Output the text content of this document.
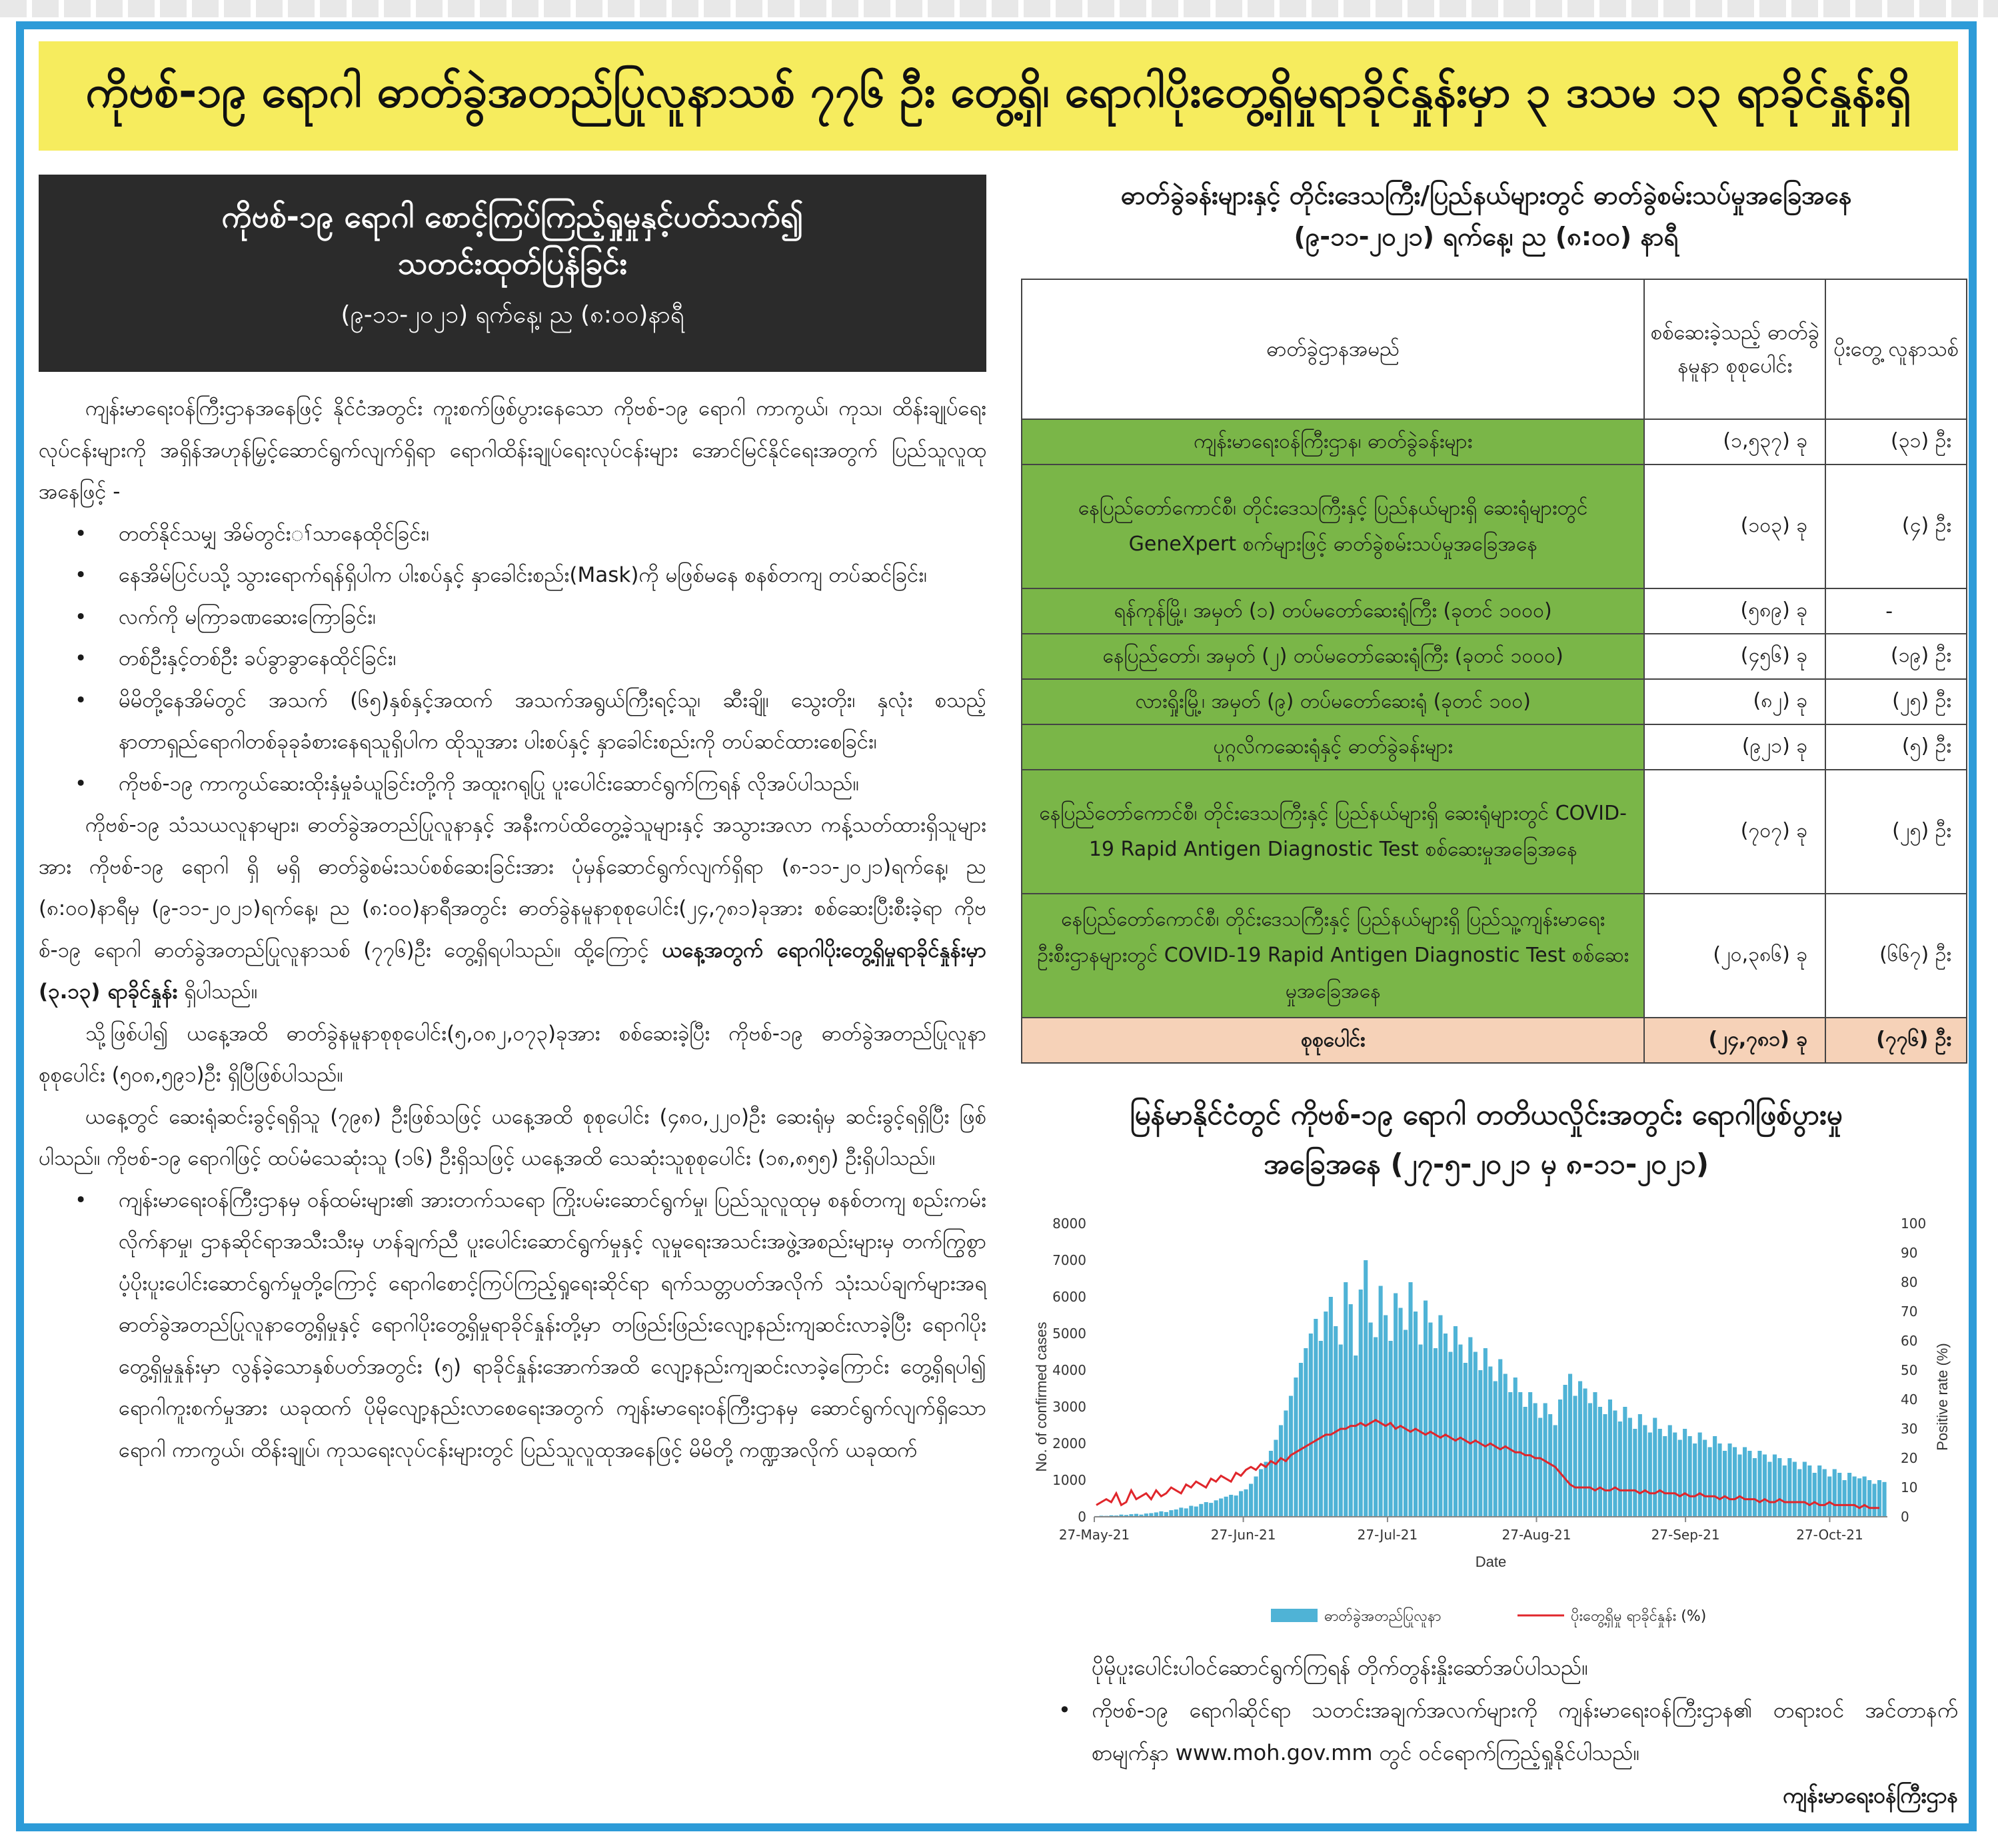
ကိုဗစ်-၁၉ ရောဂါ ဓာတ်ခွဲအတည်ပြုလူနာသစ် ၇၇၆ ဦး တွေ့ရှိ၊ ရောဂါပိုးတွေ့ရှိမှုရာခိုင်နှုန်းမှာ ၃ ဒသမ ၁၃ ရာခိုင်နှုန်းရှိ
ကိုဗစ်-၁၉ ရောဂါ စောင့်ကြပ်ကြည့်ရှုမှုနှင့်ပတ်သက်၍
သတင်းထုတ်ပြန်ခြင်း
(၉-၁၁-၂၀၂၁) ရက်နေ့၊ ည (၈:၀၀)နာရီ

ကျန်းမာရေးဝန်ကြီးဌာနအနေဖြင့် နိုင်ငံအတွင်း ကူးစက်ဖြစ်ပွားနေသော ကိုဗစ်-၁၉ ရောဂါ ကာကွယ်၊ ကုသ၊ ထိန်းချုပ်ရေးလုပ်ငန်းများကို အရှိန်အဟုန်မြှင့်ဆောင်ရွက်လျက်ရှိရာ ရောဂါထိန်းချုပ်ရေးလုပ်ငန်းများ အောင်မြင်နိုင်ရေးအတွက် ပြည်သူလူထုအနေဖြင့် -

• တတ်နိုင်သမျှ အိမ်တွင်းၢ်သာနေထိုင်ခြင်း၊
• နေအိမ်ပြင်ပသို့ သွားရောက်ရန်ရှိပါက ပါးစပ်နှင့် နှာခေါင်းစည်း(Mask)ကို မဖြစ်မနေ စနစ်တကျ တပ်ဆင်ခြင်း၊
• လက်ကို မကြာခဏဆေးကြောခြင်း၊
• တစ်ဦးနှင့်တစ်ဦး ခပ်ခွာခွာနေထိုင်ခြင်း၊
• မိမိတို့နေအိမ်တွင် အသက် (၆၅)နှစ်နှင့်အထက် အသက်အရွယ်ကြီးရင့်သူ၊ ဆီးချို၊ သွေးတိုး၊ နှလုံး စသည့် နာတာရှည်ရောဂါတစ်ခုခုခံစားနေရသူရှိပါက ထိုသူအား ပါးစပ်နှင့် နှာခေါင်းစည်းကို တပ်ဆင်ထားစေခြင်း၊
• ကိုဗစ်-၁၉ ကာကွယ်ဆေးထိုးနှံမှုခံယူခြင်းတို့ကို အထူးဂရုပြု ပူးပေါင်းဆောင်ရွက်ကြရန် လိုအပ်ပါသည်။

ကိုဗစ်-၁၉ သံသယလူနာများ၊ ဓာတ်ခွဲအတည်ပြုလူနာနှင့် အနီးကပ်ထိတွေ့ခဲ့သူများနှင့် အသွားအလာ ကန့်သတ်ထားရှိသူများအား ကိုဗစ်-၁၉ ရောဂါ ရှိ မရှိ ဓာတ်ခွဲစမ်းသပ်စစ်ဆေးခြင်းအား ပုံမှန်ဆောင်ရွက်လျက်ရှိရာ (၈-၁၁-၂၀၂၁)ရက်နေ့၊ ည (၈:၀၀)နာရီမှ (၉-၁၁-၂၀၂၁)ရက်နေ့၊ ည (၈:၀၀)နာရီအတွင်း ဓာတ်ခွဲနမူနာစုစုပေါင်း(၂၄,၇၈၁)ခုအား စစ်ဆေးပြီးစီးခဲ့ရာ ကိုဗစ်-၁၉ ရောဂါ ဓာတ်ခွဲအတည်ပြုလူနာသစ် (၇၇၆)ဦး တွေ့ရှိရပါသည်။ ထို့ကြောင့် ယနေ့အတွက် ရောဂါပိုးတွေ့ရှိမှုရာခိုင်နှုန်းမှာ (၃.၁၃) ရာခိုင်နှုန်း ရှိပါသည်။

သို့ဖြစ်ပါ၍ ယနေ့အထိ ဓာတ်ခွဲနမူနာစုစုပေါင်း(၅,၀၈၂,၀၇၃)ခုအား စစ်ဆေးခဲ့ပြီး ကိုဗစ်-၁၉ ဓာတ်ခွဲအတည်ပြုလူနာစုစုပေါင်း (၅၀၈,၅၉၁)ဦး ရှိပြီဖြစ်ပါသည်။

ယနေ့တွင် ဆေးရုံဆင်းခွင့်ရရှိသူ (၇၉၈) ဦးဖြစ်သဖြင့် ယနေ့အထိ စုစုပေါင်း (၄၈၀,၂၂၀)ဦး ဆေးရုံမှ ဆင်းခွင့်ရရှိပြီး ဖြစ်ပါသည်။ ကိုဗစ်-၁၉ ရောဂါဖြင့် ထပ်မံသေဆုံးသူ (၁၆) ဦးရှိသဖြင့် ယနေ့အထိ သေဆုံးသူစုစုပေါင်း (၁၈,၈၅၅) ဦးရှိပါသည်။

• ကျန်းမာရေးဝန်ကြီးဌာနမှ ဝန်ထမ်းများ၏ အားတက်သရော ကြိုးပမ်းဆောင်ရွက်မှု၊ ပြည်သူလူထုမှ စနစ်တကျ စည်းကမ်းလိုက်နာမှု၊ ဌာနဆိုင်ရာအသီးသီးမှ ဟန်ချက်ညီ ပူးပေါင်းဆောင်ရွက်မှုနှင့် လူမှုရေးအသင်းအဖွဲ့အစည်းများမှ တက်ကြွစွာ ပံ့ပိုးပူးပေါင်းဆောင်ရွက်မှုတို့ကြောင့် ရောဂါစောင့်ကြပ်ကြည့်ရှုရေးဆိုင်ရာ ရက်သတ္တပတ်အလိုက် သုံးသပ်ချက်များအရ ဓာတ်ခွဲအတည်ပြုလူနာတွေ့ရှိမှုနှင့် ရောဂါပိုးတွေ့ရှိမှုရာခိုင်နှုန်းတို့မှာ တဖြည်းဖြည်းလျော့နည်းကျဆင်းလာခဲ့ပြီး ရောဂါပိုးတွေ့ရှိမှုနှုန်းမှာ လွန်ခဲ့သောနှစ်ပတ်အတွင်း (၅) ရာခိုင်နှုန်းအောက်အထိ လျော့နည်းကျဆင်းလာခဲ့ကြောင်း တွေ့ရှိရပါ၍ ရောဂါကူးစက်မှုအား ယခုထက် ပိုမိုလျော့နည်းလာစေရေးအတွက် ကျန်းမာရေးဝန်ကြီးဌာနမှ ဆောင်ရွက်လျက်ရှိသော ရောဂါ ကာကွယ်၊ ထိန်းချုပ်၊ ကုသရေးလုပ်ငန်းများတွင် ပြည်သူလူထုအနေဖြင့် မိမိတို့ ကဏ္ဍအလိုက် ယခုထက်
ဓာတ်ခွဲခန်းများနှင့် တိုင်းဒေသကြီး/ပြည်နယ်များတွင် ဓာတ်ခွဲစမ်းသပ်မှုအခြေအနေ
(၉-၁၁-၂၀၂၁) ရက်နေ့၊ ည (၈:၀၀) နာရီ
ဓာတ်ခွဲဌာနအမည်	စစ်ဆေးခဲ့သည့် ဓာတ်ခွဲနမူနာ စုစုပေါင်း	ပိုးတွေ့ လူနာသစ်
ကျန်းမာရေးဝန်ကြီးဌာန၊ ဓာတ်ခွဲခန်းများ	(၁,၅၃၇) ခု	(၃၁) ဦး
နေပြည်တော်ကောင်စီ၊ တိုင်းဒေသကြီးနှင့် ပြည်နယ်များရှိ ဆေးရုံများတွင် GeneXpert စက်များဖြင့် ဓာတ်ခွဲစမ်းသပ်မှုအခြေအနေ	(၁၀၃) ခု	(၄) ဦး
ရန်ကုန်မြို့၊ အမှတ် (၁) တပ်မတော်ဆေးရုံကြီး (ခုတင် ၁၀၀၀)	(၅၈၉) ခု	-
နေပြည်တော်၊ အမှတ် (၂) တပ်မတော်ဆေးရုံကြီး (ခုတင် ၁၀၀၀)	(၄၅၆) ခု	(၁၉) ဦး
လားရှိုးမြို့၊ အမှတ် (၉) တပ်မတော်ဆေးရုံ (ခုတင် ၁၀၀)	(၈၂) ခု	(၂၅) ဦး
ပုဂ္ဂလိကဆေးရုံနှင့် ဓာတ်ခွဲခန်းများ	(၉၂၁) ခု	(၅) ဦး
နေပြည်တော်ကောင်စီ၊ တိုင်းဒေသကြီးနှင့် ပြည်နယ်များရှိ ဆေးရုံများတွင် COVID-19 Rapid Antigen Diagnostic Test စစ်ဆေးမှုအခြေအနေ	(၇၀၇) ခု	(၂၅) ဦး
နေပြည်တော်ကောင်စီ၊ တိုင်းဒေသကြီးနှင့် ပြည်နယ်များရှိ ပြည်သူ့ကျန်းမာရေးဦးစီးဌာနများတွင် COVID-19 Rapid Antigen Diagnostic Test စစ်ဆေးမှုအခြေအနေ	(၂၀,၃၈၆) ခု	(၆၆၇) ဦး
စုစုပေါင်း	(၂၄,၇၈၁) ခု	(၇၇၆) ဦး
မြန်မာနိုင်ငံတွင် ကိုဗစ်-၁၉ ရောဂါ တတိယလှိုင်းအတွင်း ရောဂါဖြစ်ပွားမှု
အခြေအနေ (၂၇-၅-၂၀၂၁ မှ ၈-၁၁-၂၀၂၁)
0
1000
2000
3000
4000
5000
6000
7000
8000
0
10
20
30
40
50
60
70
80
90
100
27-May-21	27-Jun-21	27-Jul-21	27-Aug-21	27-Sep-21	27-Oct-21
Date
No. of confirmed cases	Positive rate (%)
ဓာတ်ခွဲအတည်ပြုလူနာ	ပိုးတွေ့ရှိမှု ရာခိုင်နှုန်း (%)
ပိုမိုပူးပေါင်းပါဝင်ဆောင်ရွက်ကြရန် တိုက်တွန်းနှိုးဆော်အပ်ပါသည်။
• ကိုဗစ်-၁၉ ရောဂါဆိုင်ရာ သတင်းအချက်အလက်များကို ကျန်းမာရေးဝန်ကြီးဌာန၏ တရားဝင် အင်တာနက်စာမျက်နှာ www.moh.gov.mm တွင် ဝင်ရောက်ကြည့်ရှုနိုင်ပါသည်။
ကျန်းမာရေးဝန်ကြီးဌာန
